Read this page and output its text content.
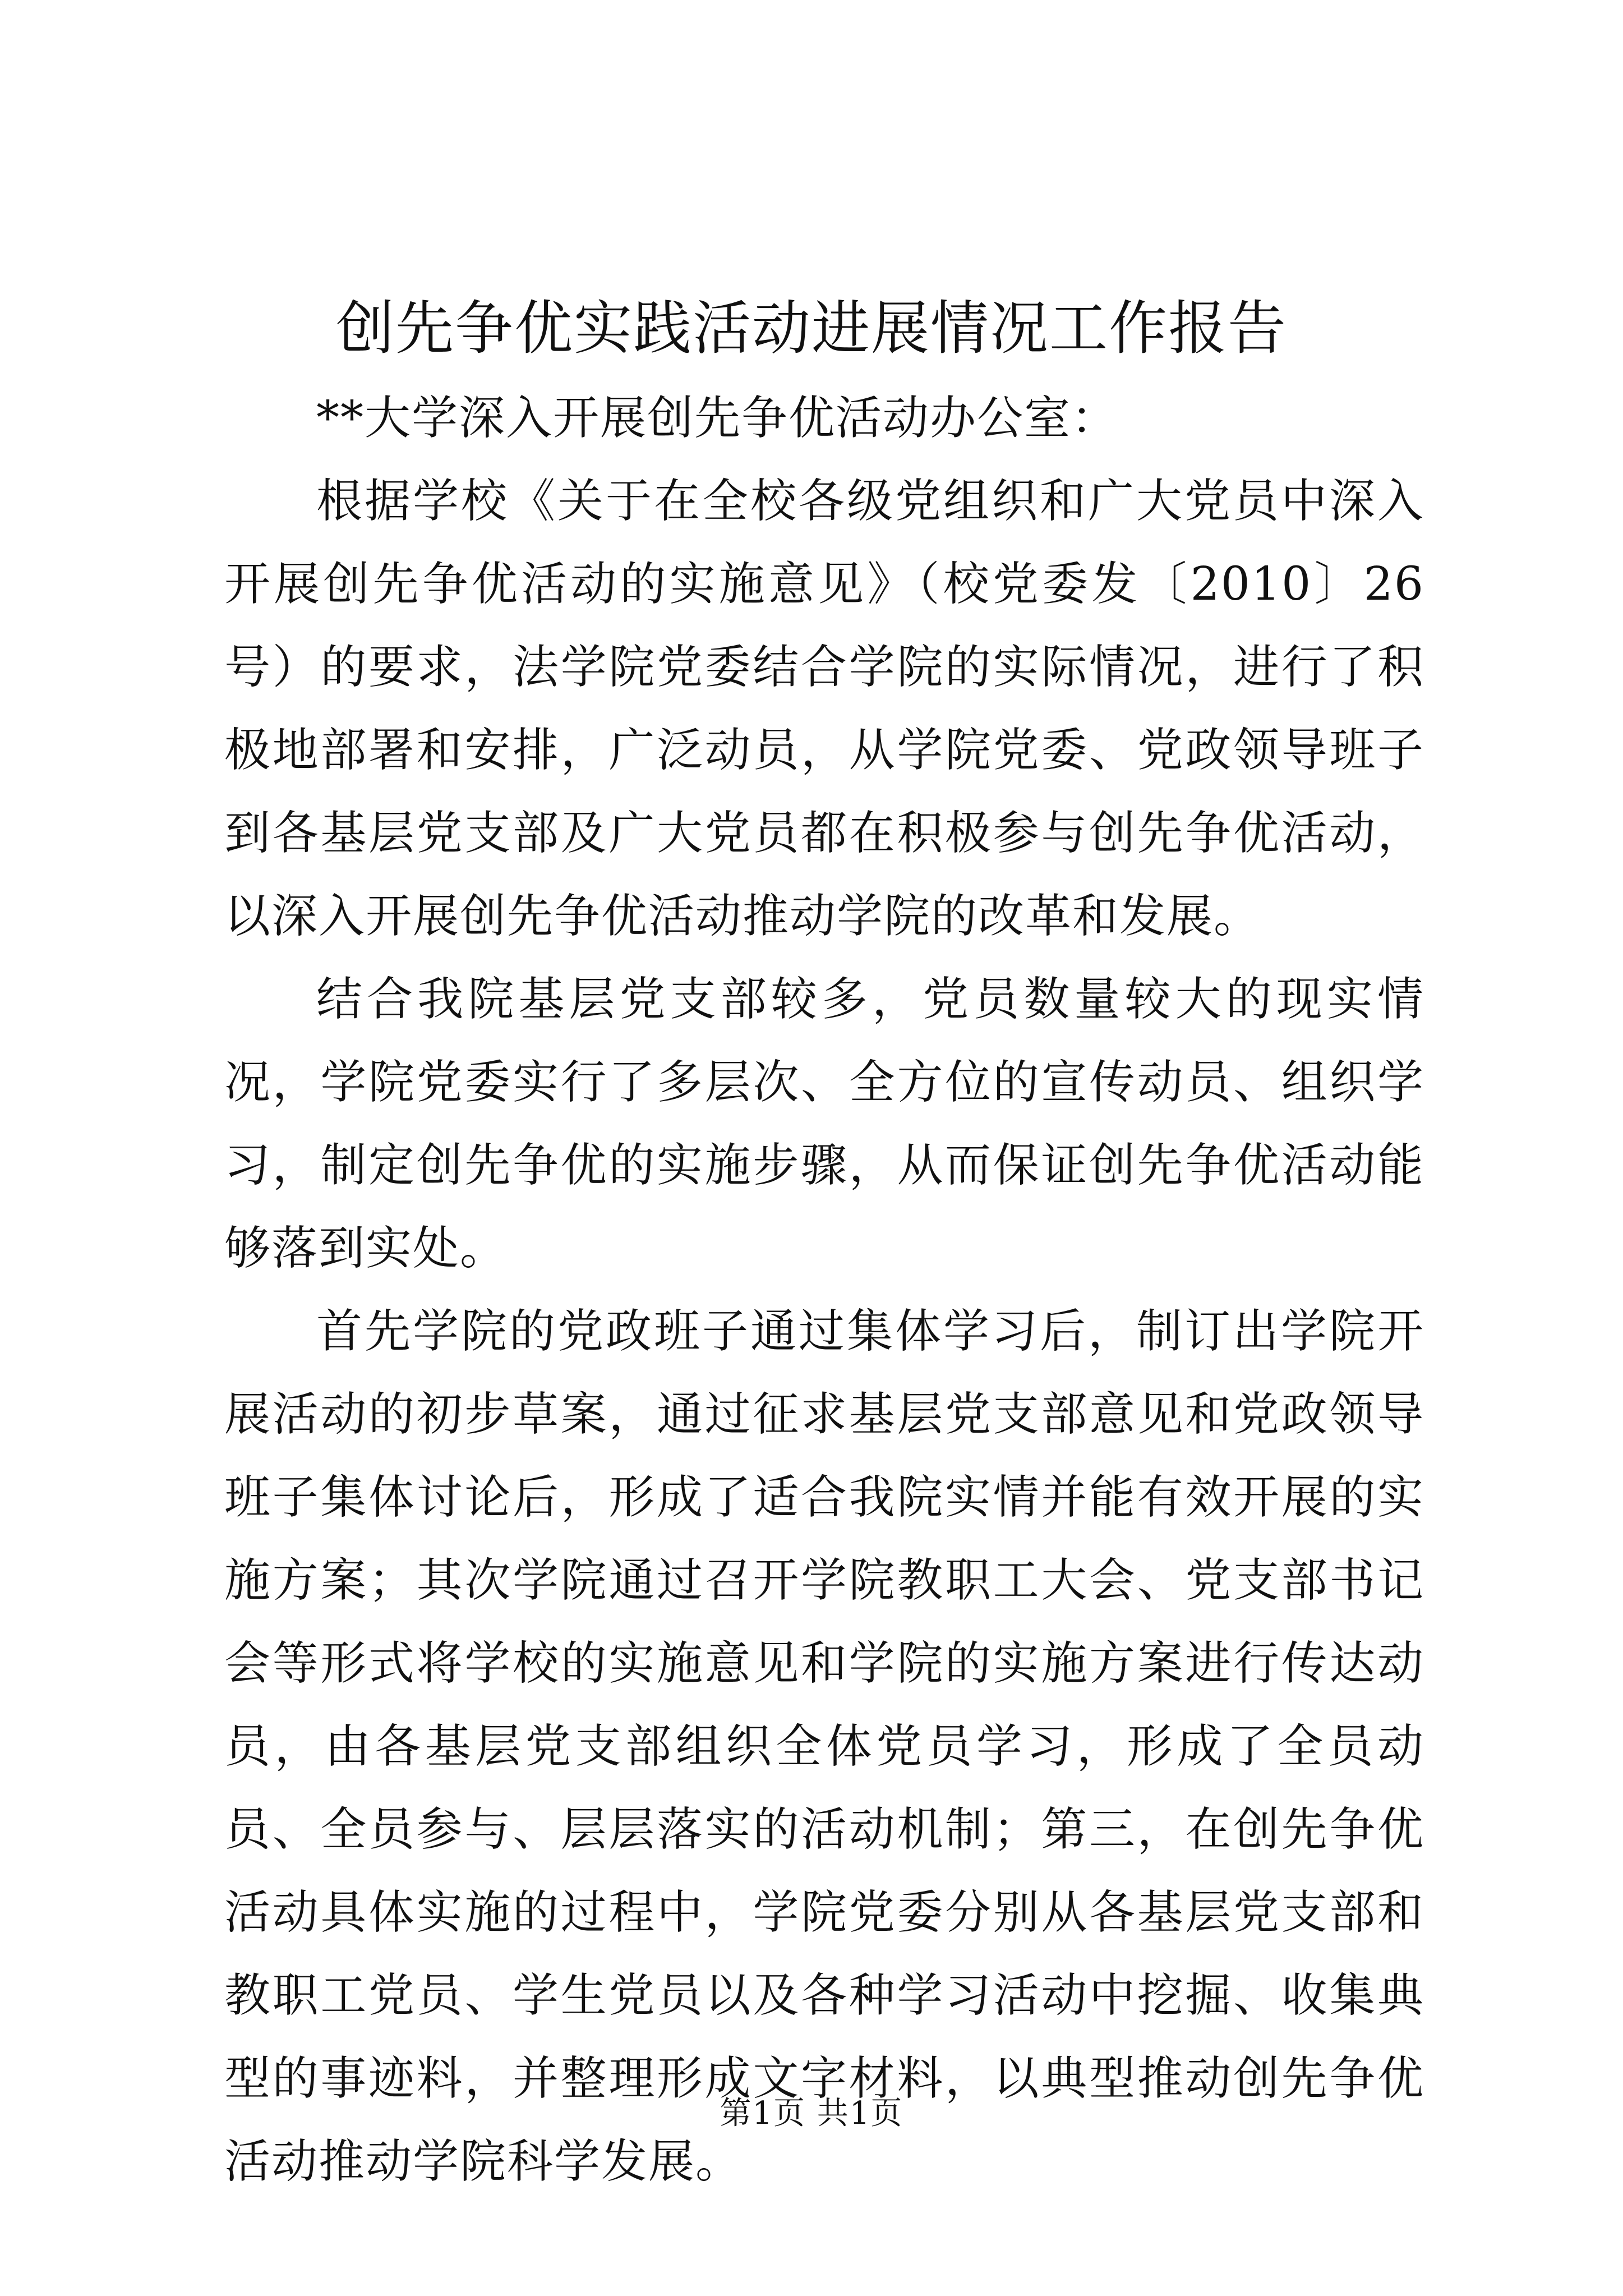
创先争优实践活动进展情况工作报告

**大学深入开展创先争优活动办公室：

根据学校《关于在全校各级党组织和广大党员中深入开展创先争优活动的实施意见》（校党委发〔2010〕26号）的要求，法学院党委结合学院的实际情况，进行了积极地部署和安排，广泛动员，从学院党委、党政领导班子到各基层党支部及广大党员都在积极参与创先争优活动，以深入开展创先争优活动推动学院的改革和发展。

结合我院基层党支部较多，党员数量较大的现实情况，学院党委实行了多层次、全方位的宣传动员、组织学习，制定创先争优的实施步骤，从而保证创先争优活动能够落到实处。

首先学院的党政班子通过集体学习后，制订出学院开展活动的初步草案，通过征求基层党支部意见和党政领导班子集体讨论后，形成了适合我院实情并能有效开展的实施方案；其次学院通过召开学院教职工大会、党支部书记会等形式将学校的实施意见和学院的实施方案进行传达动员，由各基层党支部组织全体党员学习，形成了全员动员、全员参与、层层落实的活动机制；第三，在创先争优活动具体实施的过程中，学院党委分别从各基层党支部和教职工党员、学生党员以及各种学习活动中挖掘、收集典型的事迹料，并整理形成文字材料，以典型推动创先争优活动推动学院科学发展。

第1页 共1页
